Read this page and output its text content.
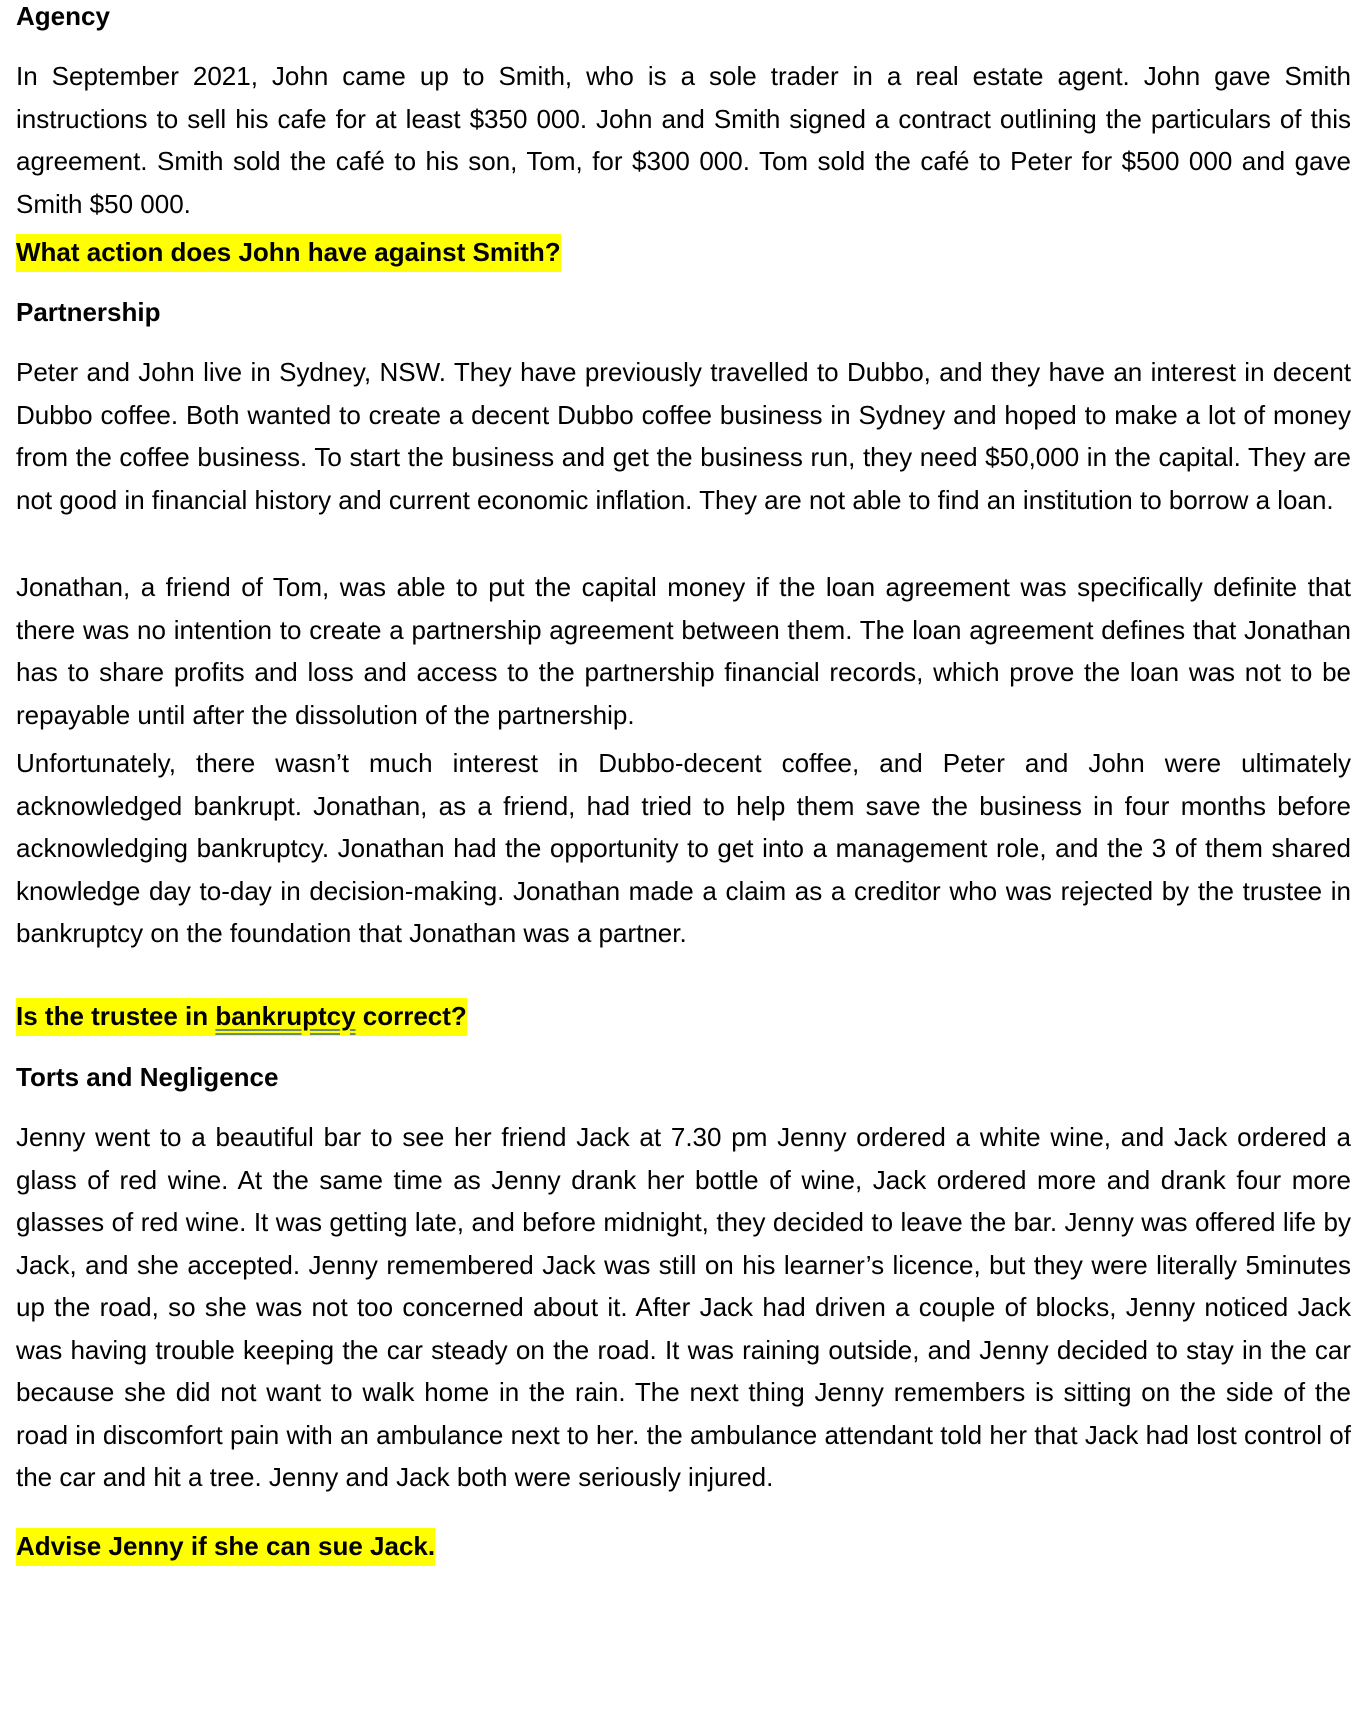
Agency

In September 2021, John came up to Smith, who is a sole trader in a real estate agent. John gave Smith instructions to sell his cafe for at least $350 000. John and Smith signed a contract outlining the particulars of this agreement. Smith sold the café to his son, Tom, for $300 000. Tom sold the café to Peter for $500 000 and gave Smith $50 000.

What action does John have against Smith?

Partnership

Peter and John live in Sydney, NSW. They have previously travelled to Dubbo, and they have an interest in decent Dubbo coffee. Both wanted to create a decent Dubbo coffee business in Sydney and hoped to make a lot of money from the coffee business. To start the business and get the business run, they need $50,000 in the capital. They are not good in financial history and current economic inflation. They are not able to find an institution to borrow a loan.

Jonathan, a friend of Tom, was able to put the capital money if the loan agreement was specifically definite that there was no intention to create a partnership agreement between them. The loan agreement defines that Jonathan has to share profits and loss and access to the partnership financial records, which prove the loan was not to be repayable until after the dissolution of the partnership.

Unfortunately, there wasn’t much interest in Dubbo-decent coffee, and Peter and John were ultimately acknowledged bankrupt. Jonathan, as a friend, had tried to help them save the business in four months before acknowledging bankruptcy. Jonathan had the opportunity to get into a management role, and the 3 of them shared knowledge day to-day in decision-making. Jonathan made a claim as a creditor who was rejected by the trustee in bankruptcy on the foundation that Jonathan was a partner.

Is the trustee in bankruptcy correct?

Torts and Negligence

Jenny went to a beautiful bar to see her friend Jack at 7.30 pm Jenny ordered a white wine, and Jack ordered a glass of red wine. At the same time as Jenny drank her bottle of wine, Jack ordered more and drank four more glasses of red wine. It was getting late, and before midnight, they decided to leave the bar. Jenny was offered life by Jack, and she accepted. Jenny remembered Jack was still on his learner’s licence, but they were literally 5minutes up the road, so she was not too concerned about it. After Jack had driven a couple of blocks, Jenny noticed Jack was having trouble keeping the car steady on the road. It was raining outside, and Jenny decided to stay in the car because she did not want to walk home in the rain. The next thing Jenny remembers is sitting on the side of the road in discomfort pain with an ambulance next to her. the ambulance attendant told her that Jack had lost control of the car and hit a tree. Jenny and Jack both were seriously injured.

Advise Jenny if she can sue Jack.
